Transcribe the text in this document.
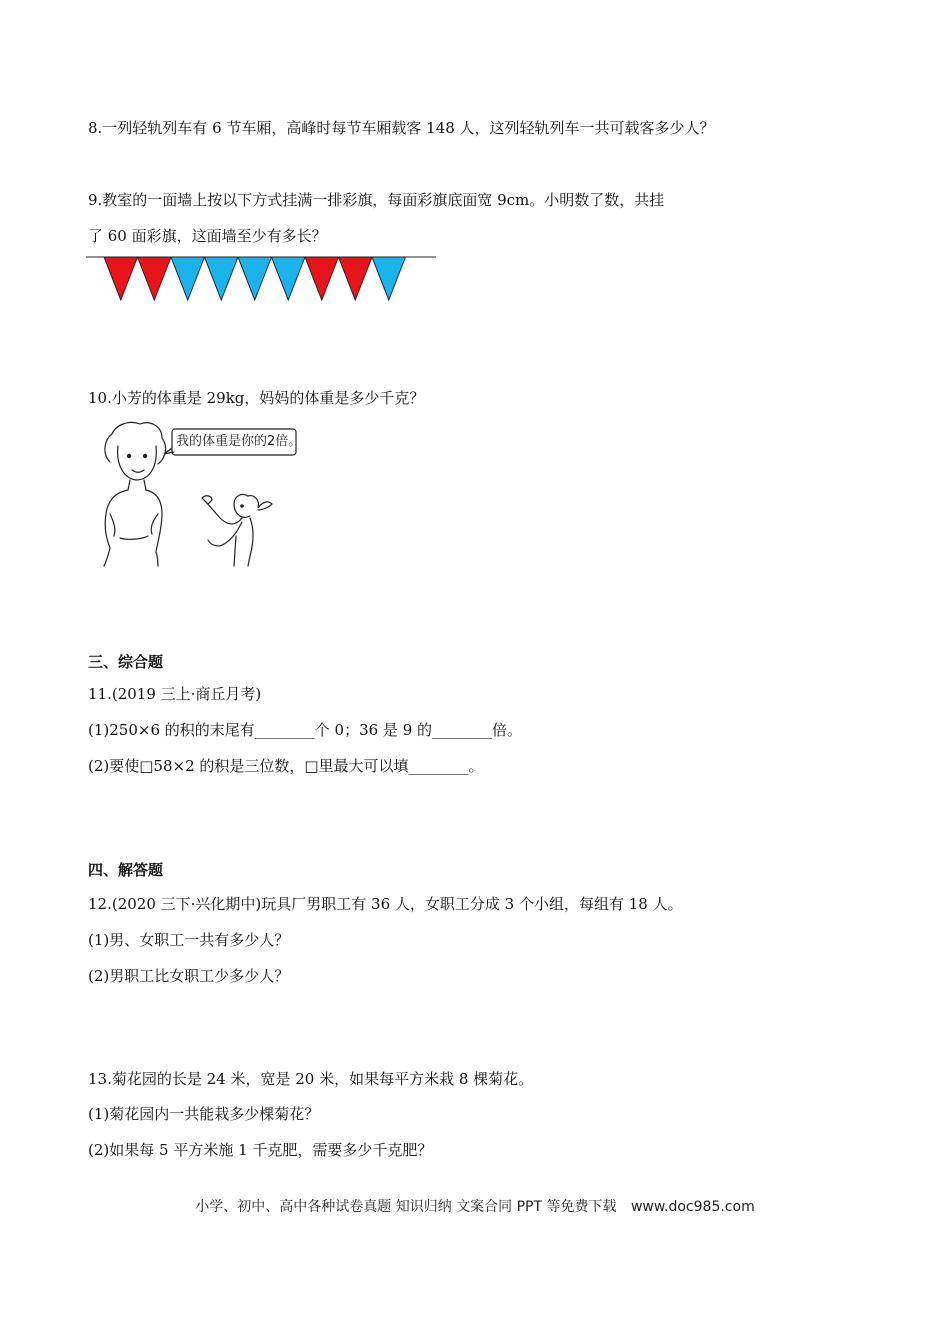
8.一列轻轨列车有 6 节车厢，高峰时每节车厢载客 148 人，这列轻轨列车一共可载客多少人？
9.教室的一面墙上按以下方式挂满一排彩旗，每面彩旗底面宽 9cm。小明数了数，共挂
了 60 面彩旗，这面墙至少有多长？
10.小芳的体重是 29kg，妈妈的体重是多少千克？
我的体重是你的2倍。
三、综合题
11.(2019 三上·商丘月考)
(1)250×6 的积的末尾有________个 0；36 是 9 的________倍。
(2)要使□58×2 的积是三位数，□里最大可以填________。
四、解答题
12.(2020 三下·兴化期中)玩具厂男职工有 36 人，女职工分成 3 个小组，每组有 18 人。
(1)男、女职工一共有多少人？
(2)男职工比女职工少多少人？
13.菊花园的长是 24 米，宽是 20 米，如果每平方米栽 8 棵菊花。
(1)菊花园内一共能栽多少棵菊花？
(2)如果每 5 平方米施 1 千克肥，需要多少千克肥？
小学、初中、高中各种试卷真题 知识归纳 文案合同 PPT 等免费下载 www.doc985.com
